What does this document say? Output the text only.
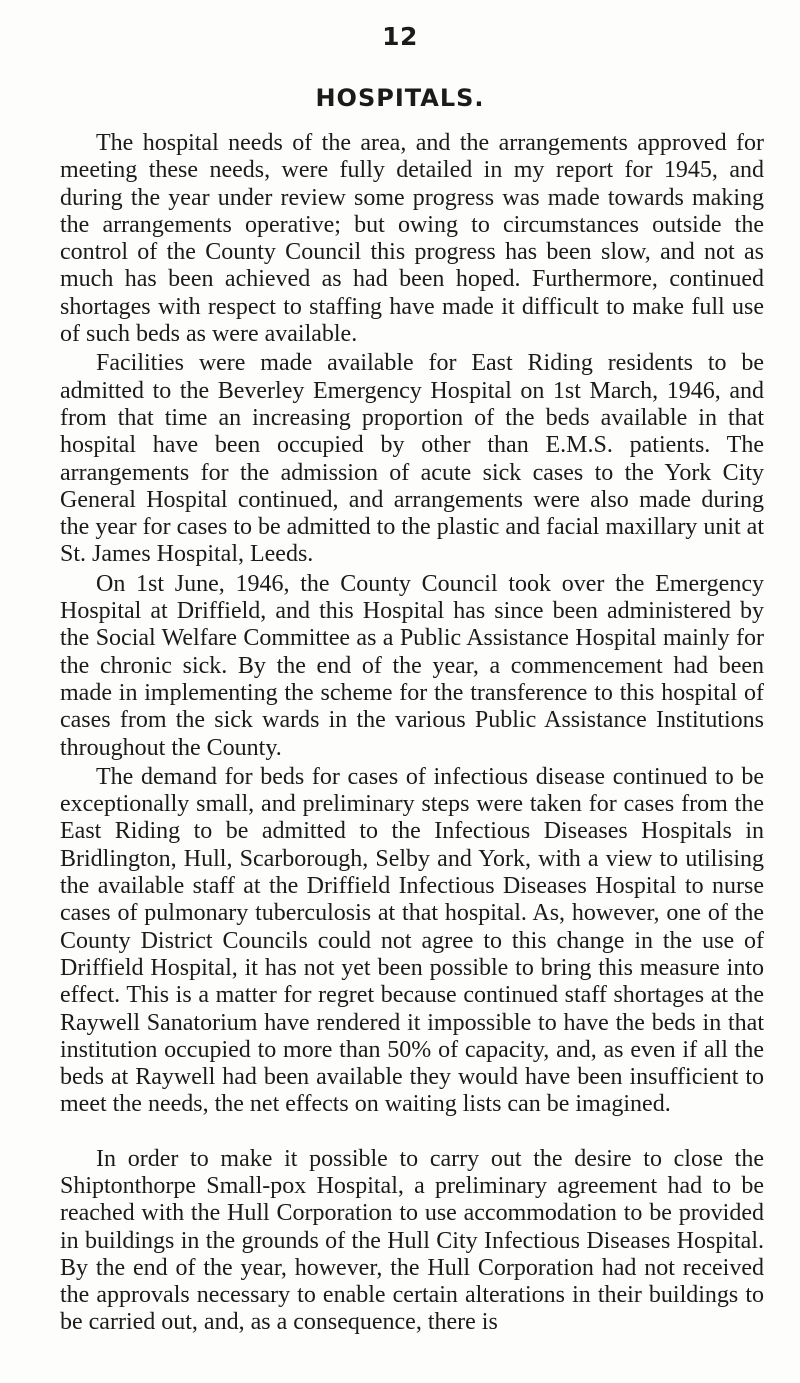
12
HOSPITALS.

The hospital needs of the area, and the arrangements approved for meeting these needs, were fully detailed in my report for 1945, and during the year under review some progress was made towards making the arrangements operative; but owing to circumstances outside the control of the County Council this progress has been slow, and not as much has been achieved as had been hoped. Furthermore, continued shortages with respect to staffing have made it difficult to make full use of such beds as were available.

Facilities were made available for East Riding residents to be admitted to the Beverley Emergency Hospital on 1st March, 1946, and from that time an increasing proportion of the beds available in that hospital have been occupied by other than E.M.S. patients. The arrangements for the admission of acute sick cases to the York City General Hospital continued, and arrangements were also made during the year for cases to be admitted to the plastic and facial maxillary unit at St. James Hospital, Leeds.

On 1st June, 1946, the County Council took over the Emergency Hospital at Driffield, and this Hospital has since been administered by the Social Welfare Committee as a Public Assistance Hospital mainly for the chronic sick. By the end of the year, a commencement had been made in implementing the scheme for the transference to this hospital of cases from the sick wards in the various Public Assistance Institutions throughout the County.

The demand for beds for cases of infectious disease continued to be exceptionally small, and preliminary steps were taken for cases from the East Riding to be admitted to the Infectious Diseases Hospitals in Bridlington, Hull, Scarborough, Selby and York, with a view to utilising the available staff at the Driffield Infectious Diseases Hospital to nurse cases of pulmonary tuberculosis at that hospital. As, however, one of the County District Councils could not agree to this change in the use of Driffield Hospital, it has not yet been possible to bring this measure into effect. This is a matter for regret because continued staff shortages at the Raywell Sanatorium have rendered it impossible to have the beds in that institution occupied to more than 50% of capacity, and, as even if all the beds at Raywell had been available they would have been insufficient to meet the needs, the net effects on waiting lists can be imagined.

In order to make it possible to carry out the desire to close the Shiptonthorpe Small-pox Hospital, a preliminary agreement had to be reached with the Hull Corporation to use accommodation to be provided in buildings in the grounds of the Hull City Infectious Diseases Hospital. By the end of the year, however, the Hull Corporation had not received the approvals necessary to enable certain alterations in their buildings to be carried out, and, as a consequence, there is
